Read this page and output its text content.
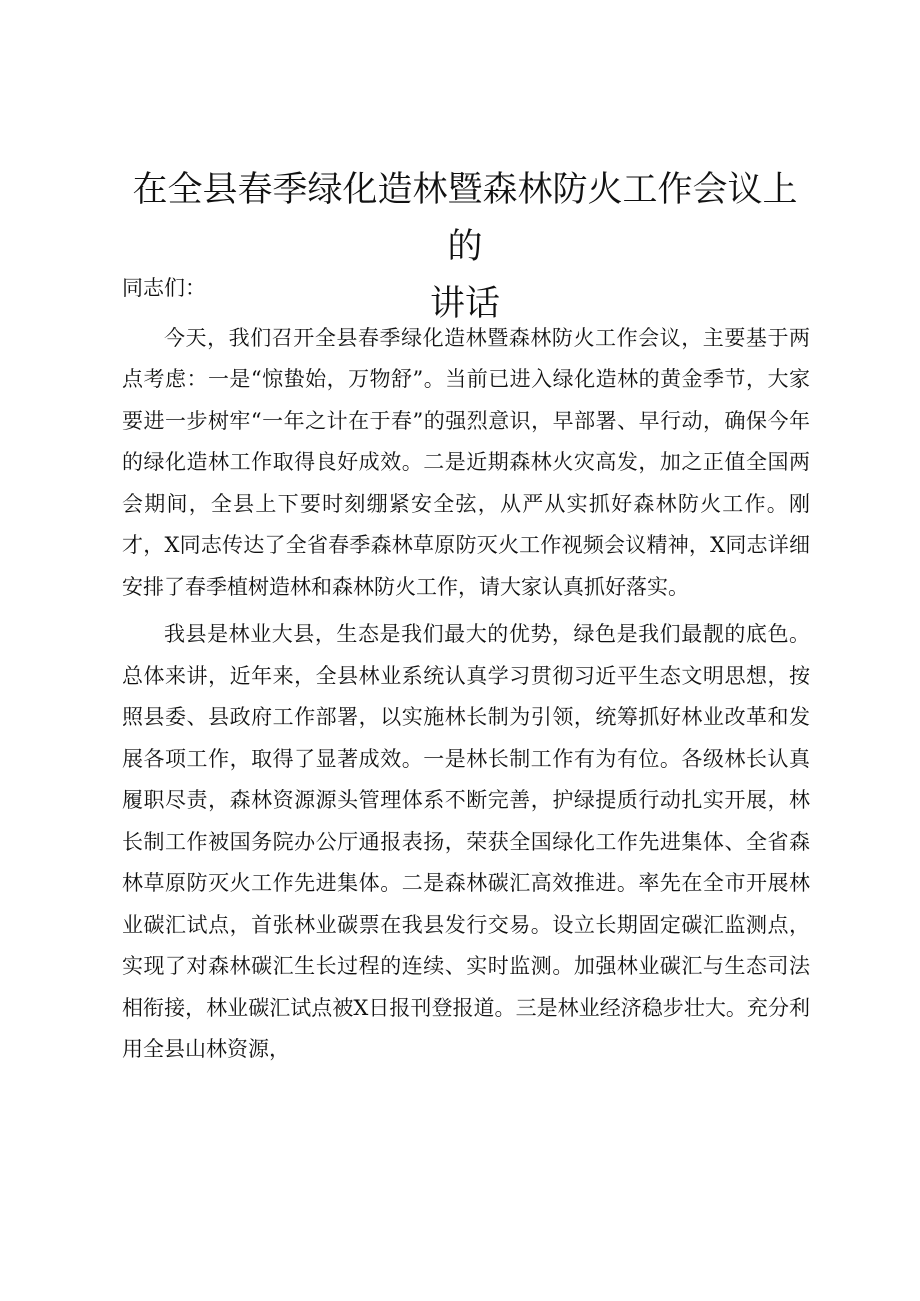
在全县春季绿化造林暨森林防火工作会议上的
讲话

同志们：

今天，我们召开全县春季绿化造林暨森林防火工作会议，主要基于两点考虑：一是“惊蛰始，万物舒”。当前已进入绿化造林的黄金季节，大家要进一步树牢“一年之计在于春”的强烈意识，早部署、早行动，确保今年的绿化造林工作取得良好成效。二是近期森林火灾高发，加之正值全国两会期间，全县上下要时刻绷紧安全弦，从严从实抓好森林防火工作。刚才，X同志传达了全省春季森林草原防灭火工作视频会议精神，X同志详细安排了春季植树造林和森林防火工作，请大家认真抓好落实。

我县是林业大县，生态是我们最大的优势，绿色是我们最靓的底色。总体来讲，近年来，全县林业系统认真学习贯彻习近平生态文明思想，按照县委、县政府工作部署，以实施林长制为引领，统筹抓好林业改革和发展各项工作，取得了显著成效。一是林长制工作有为有位。各级林长认真履职尽责，森林资源源头管理体系不断完善，护绿提质行动扎实开展，林长制工作被国务院办公厅通报表扬，荣获全国绿化工作先进集体、全省森林草原防灭火工作先进集体。二是森林碳汇高效推进。率先在全市开展林业碳汇试点，首张林业碳票在我县发行交易。设立长期固定碳汇监测点，实现了对森林碳汇生长过程的连续、实时监测。加强林业碳汇与生态司法相衔接，林业碳汇试点被X日报刊登报道。三是林业经济稳步壮大。充分利用全县山林资源，
